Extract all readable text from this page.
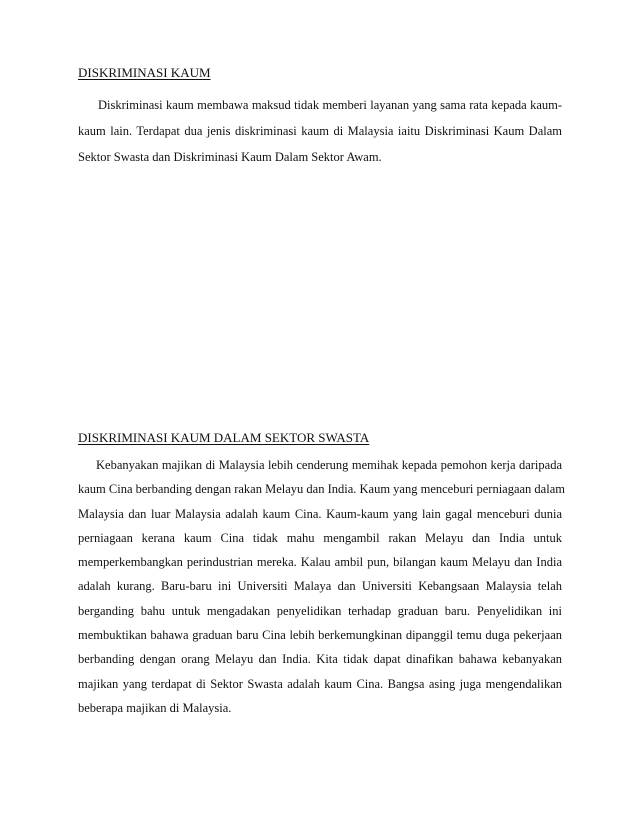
DISKRIMINASI KAUM
Diskriminasi kaum membawa maksud tidak memberi layanan yang sama rata kepada kaum-
kaum lain. Terdapat dua jenis diskriminasi kaum di Malaysia iaitu Diskriminasi Kaum Dalam
Sektor Swasta dan Diskriminasi Kaum Dalam Sektor Awam.
DISKRIMINASI KAUM DALAM SEKTOR SWASTA
Kebanyakan majikan di Malaysia lebih cenderung memihak kepada pemohon kerja daripada
kaum Cina berbanding dengan rakan Melayu dan India. Kaum yang menceburi perniagaan dalam
Malaysia dan luar Malaysia adalah kaum Cina. Kaum-kaum yang lain gagal menceburi dunia
perniagaan kerana kaum Cina tidak mahu mengambil rakan Melayu dan India untuk
memperkembangkan perindustrian mereka. Kalau ambil pun, bilangan kaum Melayu dan India
adalah kurang. Baru-baru ini Universiti Malaya dan Universiti Kebangsaan Malaysia telah
berganding bahu untuk mengadakan penyelidikan terhadap graduan baru. Penyelidikan ini
membuktikan bahawa graduan baru Cina lebih berkemungkinan dipanggil temu duga pekerjaan
berbanding dengan orang Melayu dan India. Kita tidak dapat dinafikan bahawa kebanyakan
majikan yang terdapat di Sektor Swasta adalah kaum Cina. Bangsa asing juga mengendalikan
beberapa majikan di Malaysia.
